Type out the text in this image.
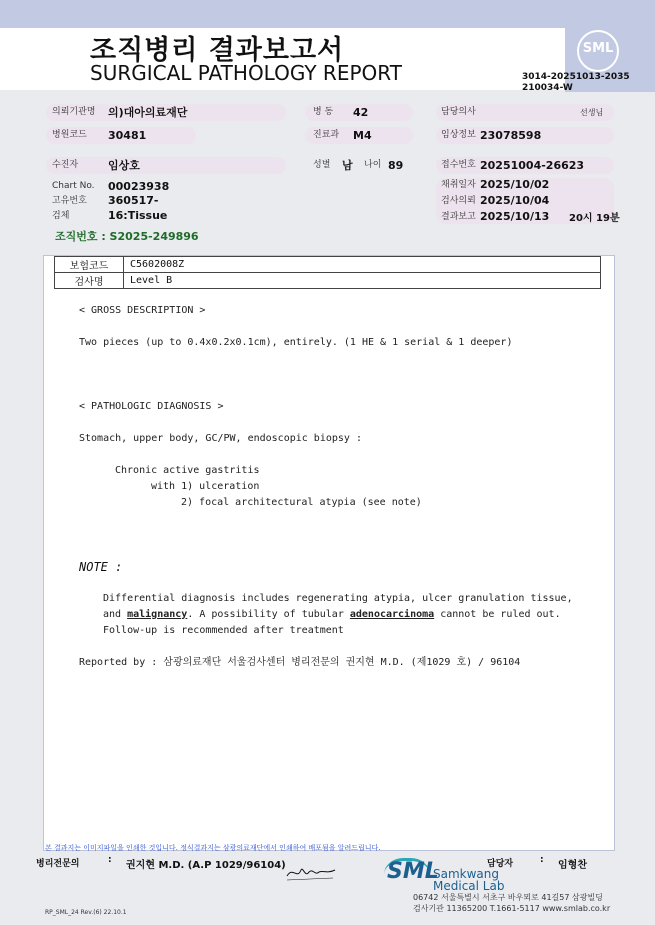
조직병리 결과보고서
SURGICAL PATHOLOGY REPORT
SML
3014-20251013-2035
210034-W
의뢰기관명 의)대아의료재단	병 동 42	담당의사	선생님
병원코드 30481	진료과 M4	임상정보 23078598
수진자	임상호	성별 남 나이 89	접수번호 20251004-26623
Chart No. 00023938
고유번호 360517-
검체	16:Tissue
채취일자 2025/10/02
검사의뢰 2025/10/04
결과보고 2025/10/13 20시 19분
조직번호 : S2025-249896
보험코드	C5602008Z
검사명	Level B
< GROSS DESCRIPTION >
Two pieces (up to 0.4x0.2x0.1cm), entirely. (1 HE & 1 serial & 1 deeper)
< PATHOLOGIC DIAGNOSIS >
Stomach, upper body, GC/PW, endoscopic biopsy :
Chronic active gastritis
with 1) ulceration
2) focal architectural atypia (see note)
NOTE :
Differential diagnosis includes regenerating atypia, ulcer granulation tissue,
and malignancy. A possibility of tubular adenocarcinoma cannot be ruled out.
Follow-up is recommended after treatment
Reported by : 삼광의료재단 서울검사센터 병리전문의 권지현 M.D. (제1029 호) / 96104
본 결과지는 이미지파일을 인쇄한 것입니다. 정식결과지는 삼광의료재단에서 인쇄하여 배포됨을 알려드립니다.
병리전문의	: 권지현 M.D. (A.P 1029/96104)	담당자	: 임형찬
SML
Samkwang
Medical Lab
06742 서울특별시 서초구 바우뫼로 41길57 삼광빌딩
검사기관 11365200 T.1661-5117 www.smlab.co.kr
RP_SML_24 Rev.(6) 22.10.1
